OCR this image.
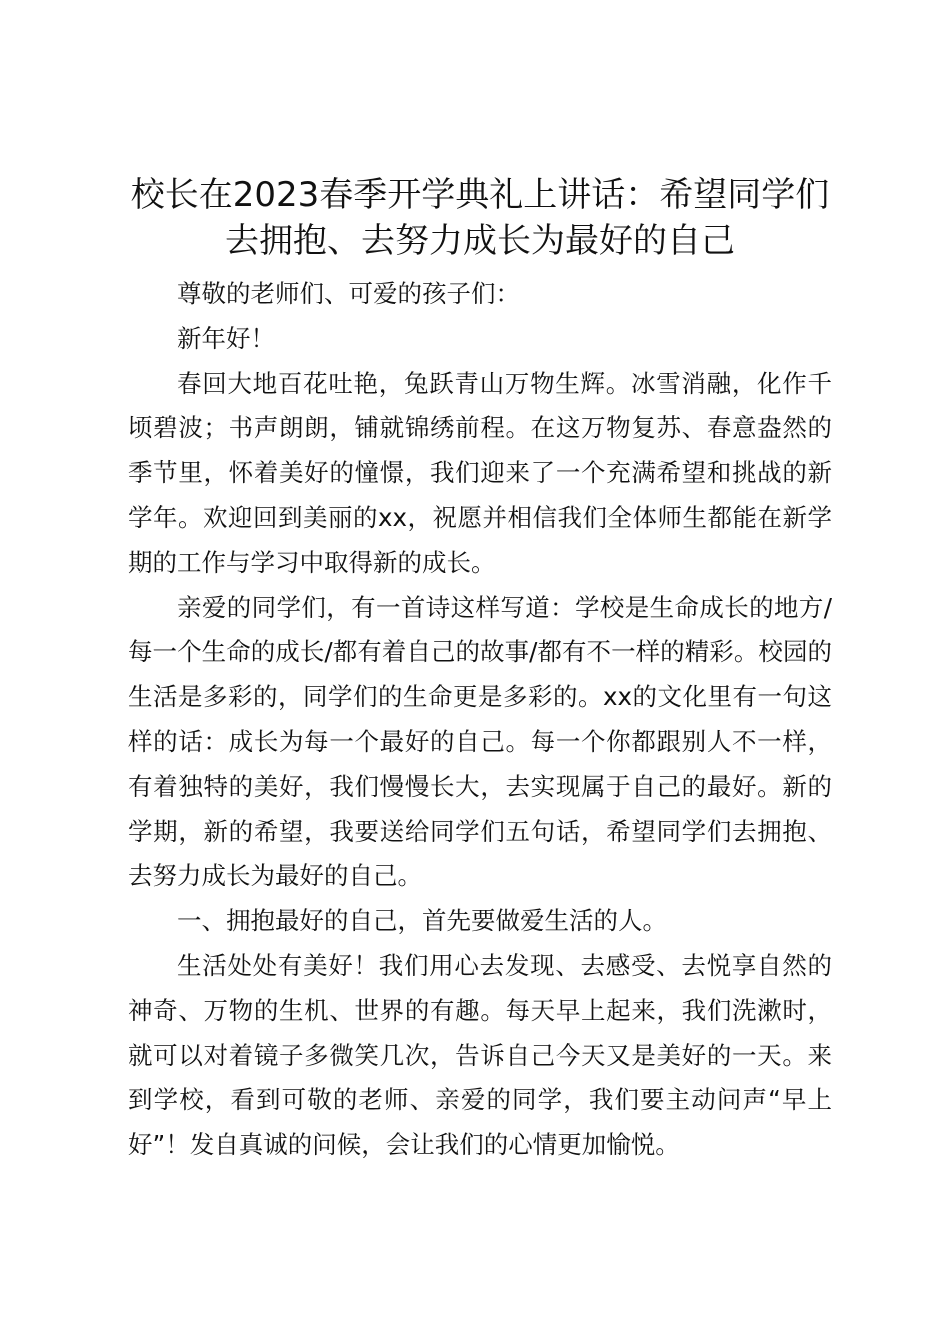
校长在2023春季开学典礼上讲话：希望同学们去拥抱、去努力成长为最好的自己

尊敬的老师们、可爱的孩子们：

新年好！

春回大地百花吐艳，兔跃青山万物生辉。冰雪消融，化作千顷碧波；书声朗朗，铺就锦绣前程。在这万物复苏、春意盎然的季节里，怀着美好的憧憬，我们迎来了一个充满希望和挑战的新学年。欢迎回到美丽的xx，祝愿并相信我们全体师生都能在新学期的工作与学习中取得新的成长。

亲爱的同学们，有一首诗这样写道：学校是生命成长的地方/每一个生命的成长/都有着自己的故事/都有不一样的精彩。校园的生活是多彩的，同学们的生命更是多彩的。xx的文化里有一句这样的话：成长为每一个最好的自己。每一个你都跟别人不一样，有着独特的美好，我们慢慢长大，去实现属于自己的最好。新的学期，新的希望，我要送给同学们五句话，希望同学们去拥抱、去努力成长为最好的自己。

一、拥抱最好的自己，首先要做爱生活的人。

生活处处有美好！我们用心去发现、去感受、去悦享自然的神奇、万物的生机、世界的有趣。每天早上起来，我们洗漱时，就可以对着镜子多微笑几次，告诉自己今天又是美好的一天。来到学校，看到可敬的老师、亲爱的同学，我们要主动问声“早上好”！发自真诚的问候，会让我们的心情更加愉悦。
